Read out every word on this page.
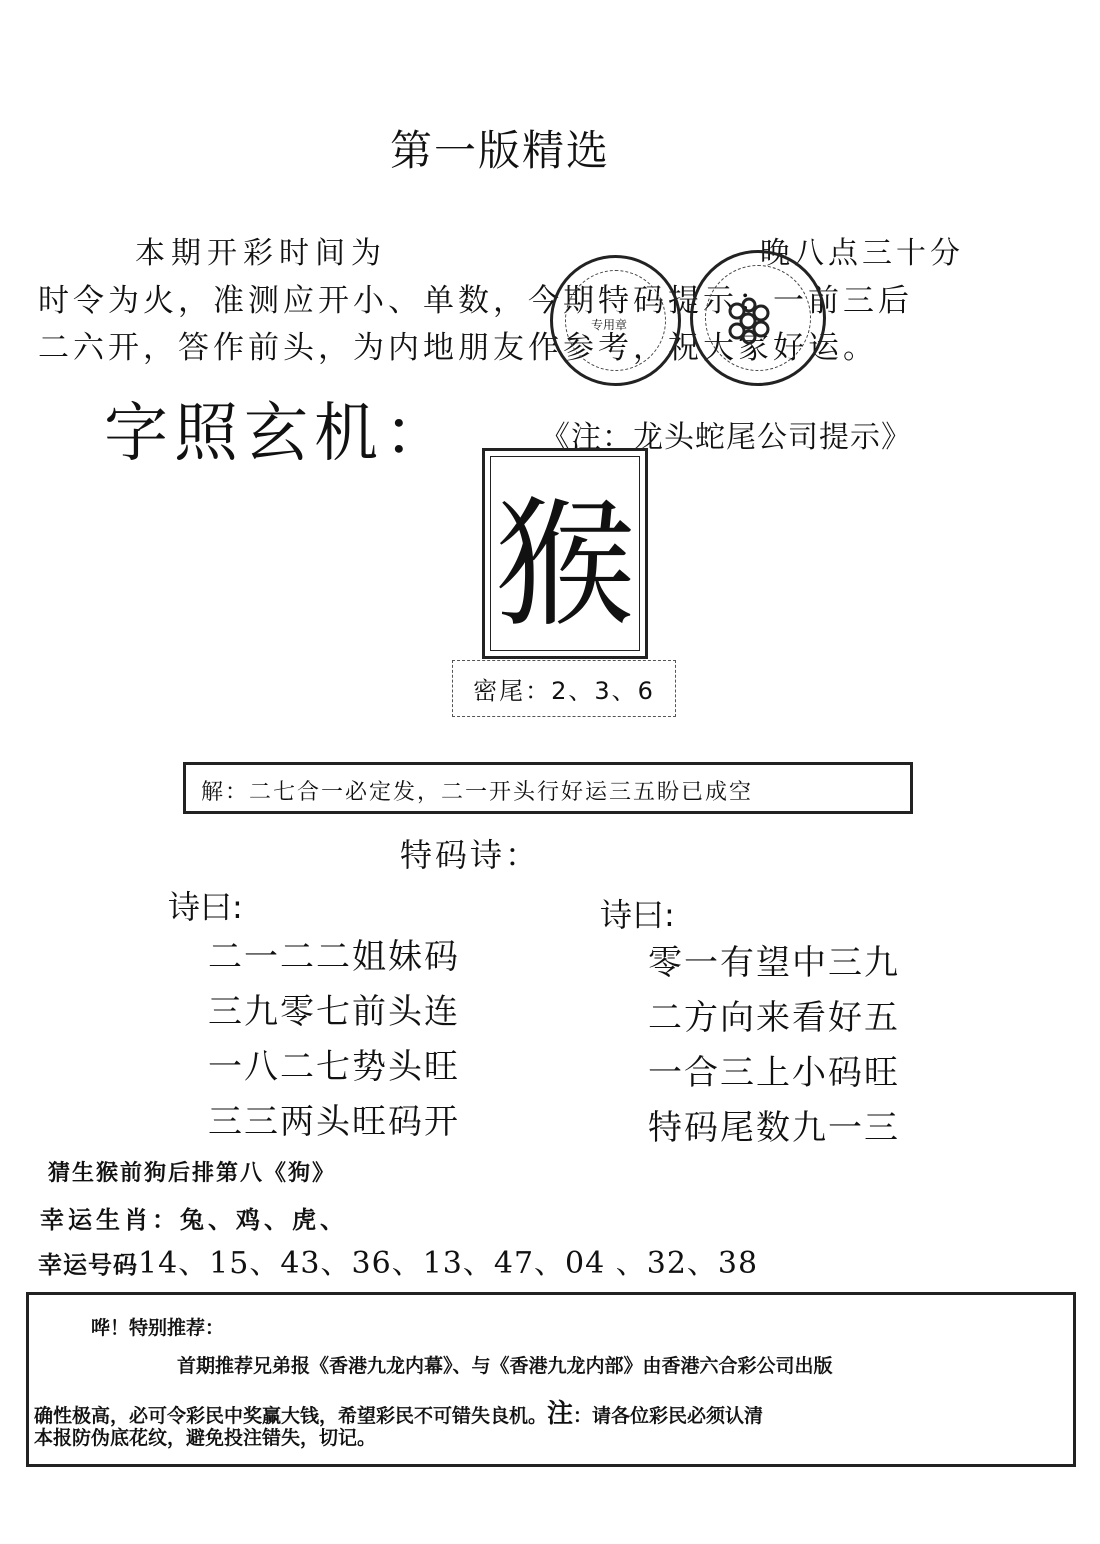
第一版精选
本期开彩时间为	晚八点三十分
时令为火，准测应开小、单数，今期特码提示：一前三后
二六开，答作前头，为内地朋友作参考，祝大家好运。
专用章
字照玄机：	《注：龙头蛇尾公司提示》
猴
密尾：2、3、6
解：二七合一必定发，二一开头行好运三五盼已成空
特码诗：
诗曰:	诗曰:
二一二二姐妹码
三九零七前头连
一八二七势头旺
三三两头旺码开
零一有望中三九
二方向来看好五
一合三上小码旺
特码尾数九一三
猜生猴前狗后排第八《狗》
幸运生肖：兔、鸡、虎、
幸运号码14、15、43、36、13、47、04 、32、38
哗！特别推荐：
首期推荐兄弟报《香港九龙内幕》、与《香港九龙内部》由香港六合彩公司出版
确性极高，必可令彩民中奖赢大钱，希望彩民不可错失良机。注：请各位彩民必须认清
本报防伪底花纹，避免投注错失，切记。
